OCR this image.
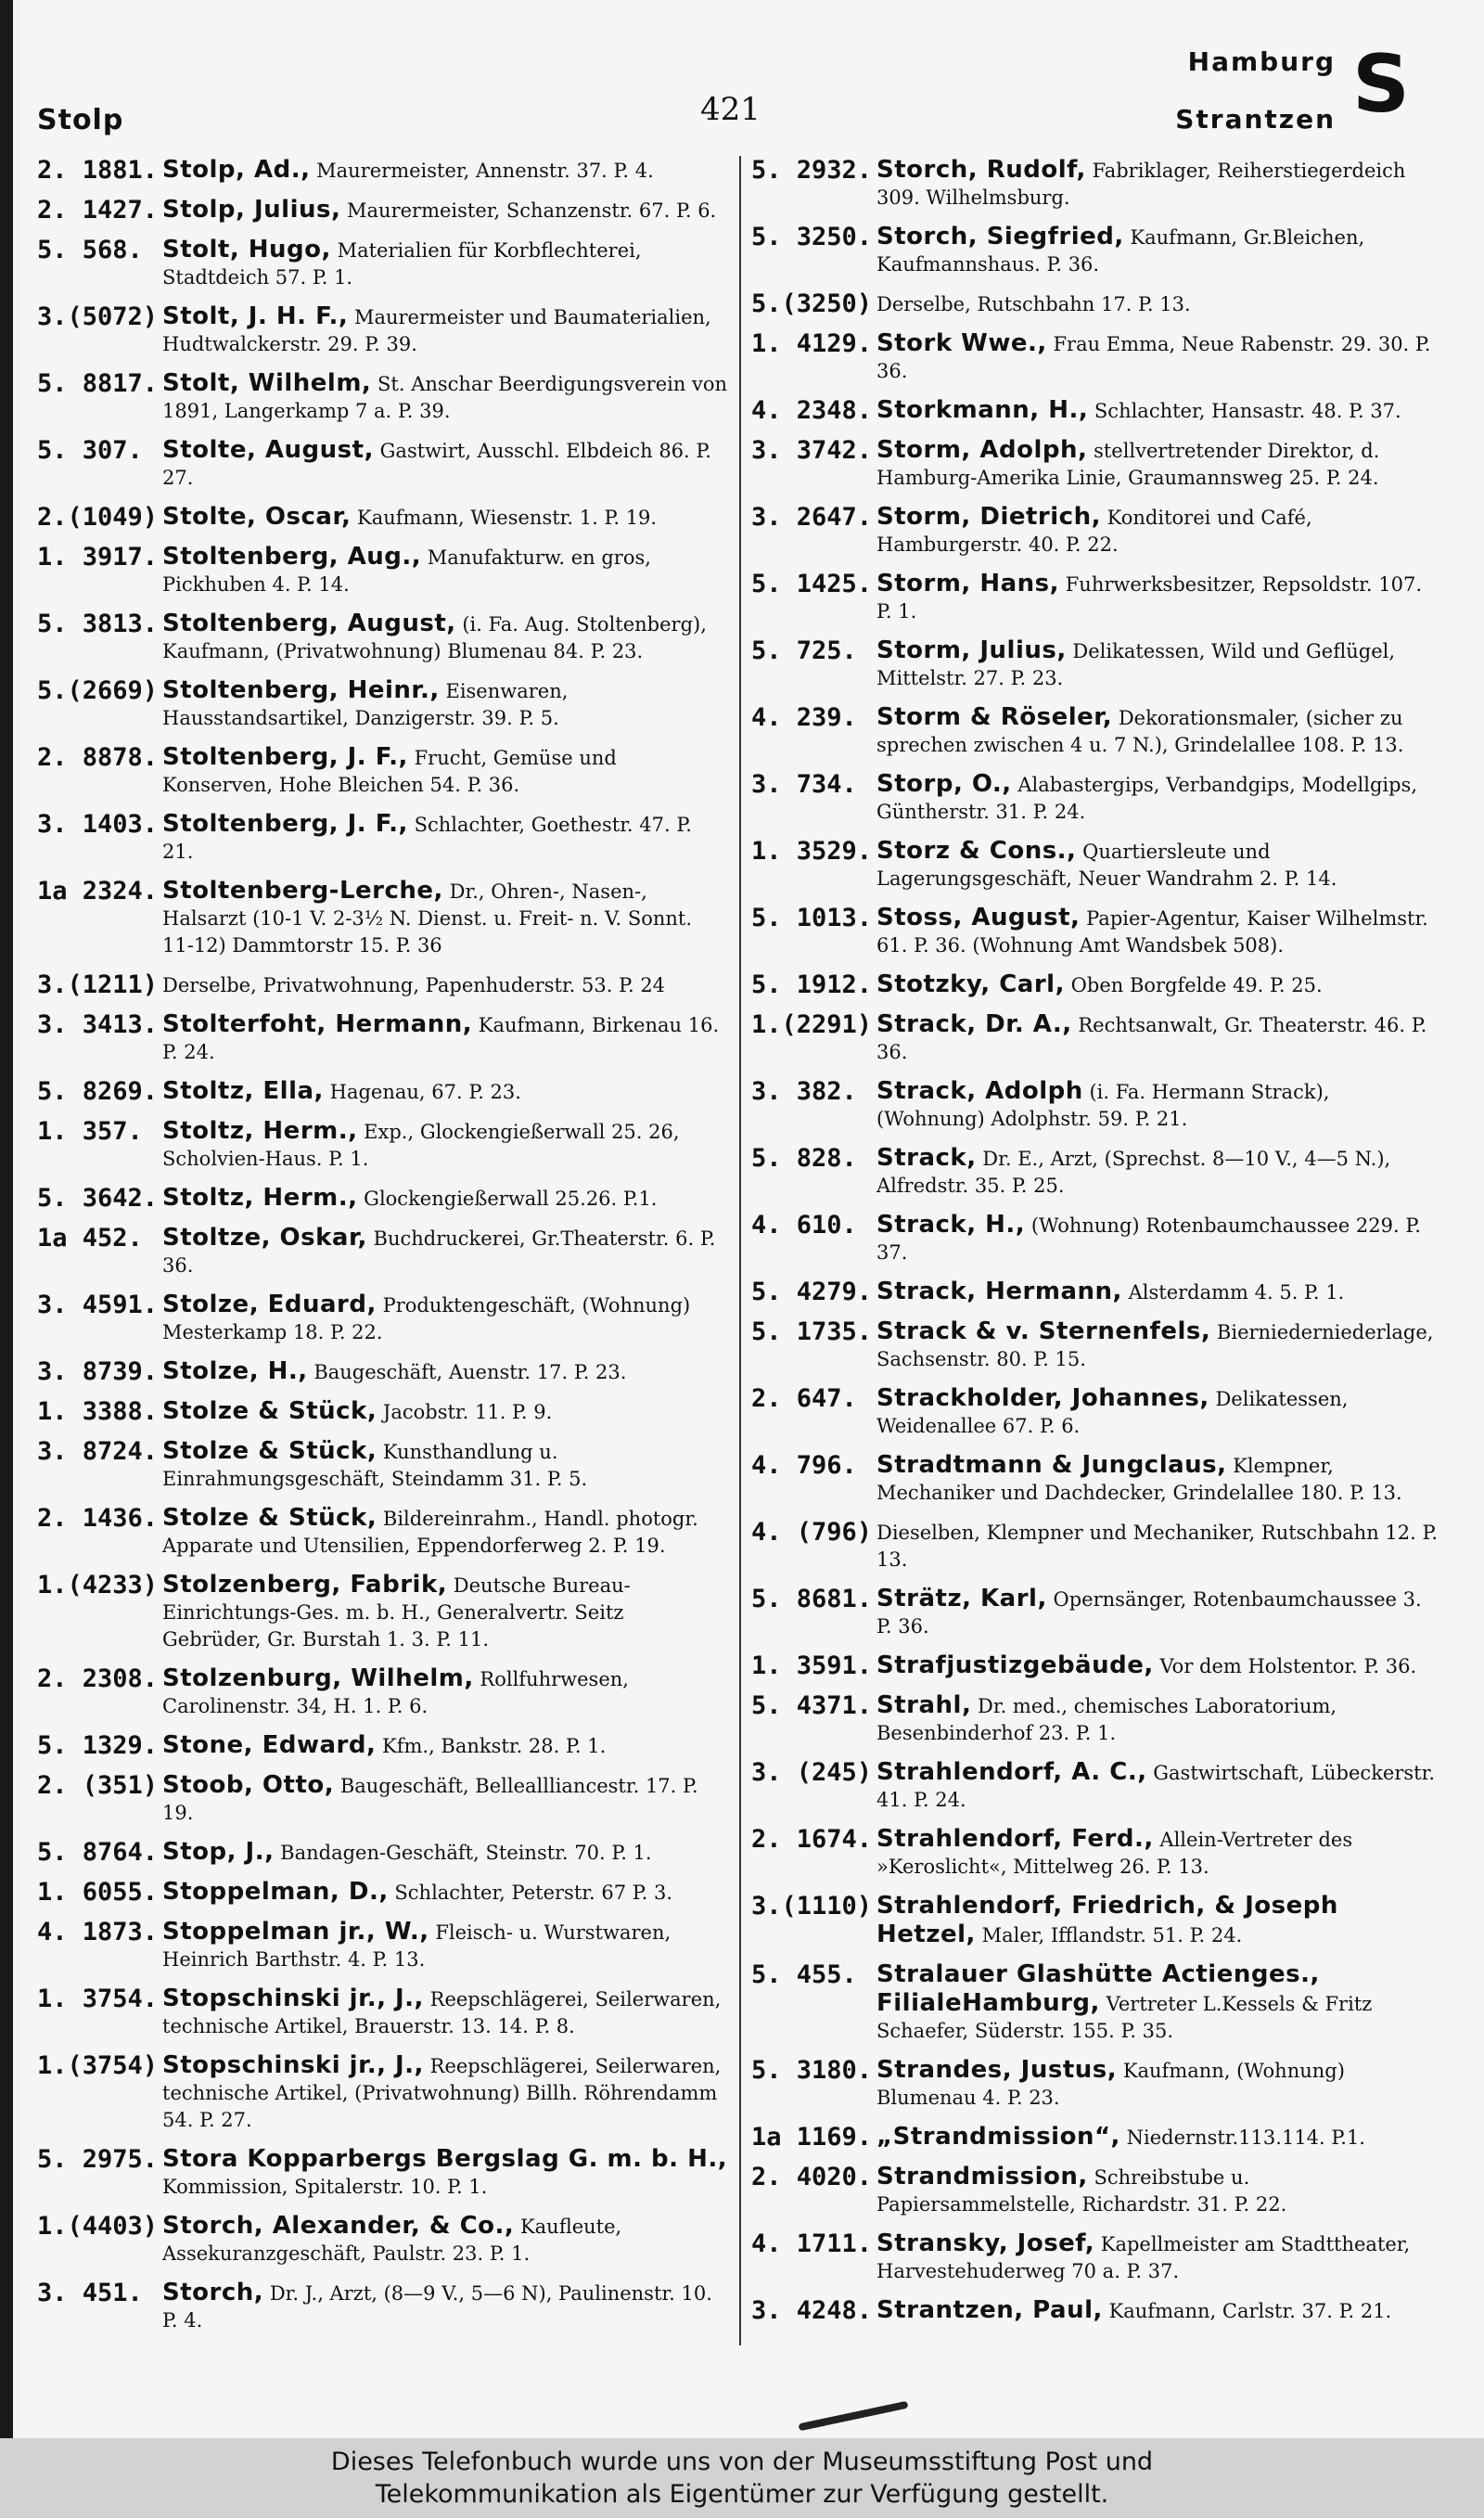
Stolp	421
Hamburg
Strantzen S
2. 1881. Stolp, Ad., Maurermeister, Annenstr. 37. P. 4.
2. 1427. Stolp, Julius, Maurermeister, Schanzenstr. 67. P. 6.
5. 568. Stolt, Hugo, Materialien für Korbflechterei, Stadtdeich 57. P. 1.
3.(5072) Stolt, J. H. F., Maurermeister und Baumaterialien, Hudtwalckerstr. 29. P. 39.
5. 8817. Stolt, Wilhelm, St. Anschar Beerdigungsverein von 1891, Langerkamp 7 a. P. 39.
5. 307. Stolte, August, Gastwirt, Ausschl. Elbdeich 86. P. 27.
2.(1049) Stolte, Oscar, Kaufmann, Wiesenstr. 1. P. 19.
1. 3917. Stoltenberg, Aug., Manufakturw. en gros, Pickhuben 4. P. 14.
5. 3813. Stoltenberg, August, (i. Fa. Aug. Stoltenberg), Kaufmann, (Privatwohnung) Blumenau 84. P. 23.
5.(2669) Stoltenberg, Heinr., Eisenwaren, Hausstandsartikel, Danzigerstr. 39. P. 5.
2. 8878. Stoltenberg, J. F., Frucht, Gemüse und Konserven, Hohe Bleichen 54. P. 36.
3. 1403. Stoltenberg, J. F., Schlachter, Goethestr. 47. P. 21.
1a 2324. Stoltenberg-Lerche, Dr., Ohren-, Nasen-, Halsarzt (10-1 V. 2-3½ N. Dienst. u. Freit- n. V. Sonnt. 11-12) Dammtorstr 15. P. 36
3.(1211) Derselbe, Privatwohnung, Papenhuderstr. 53. P. 24
3. 3413. Stolterfoht, Hermann, Kaufmann, Birkenau 16. P. 24.
5. 8269. Stoltz, Ella, Hagenau, 67. P. 23.
1. 357. Stoltz, Herm., Exp., Glockengießerwall 25. 26, Scholvien-Haus. P. 1.
5. 3642. Stoltz, Herm., Glockengießerwall 25.26. P.1.
1a 452. Stoltze, Oskar, Buchdruckerei, Gr.Theaterstr. 6. P. 36.
3. 4591. Stolze, Eduard, Produktengeschäft, (Wohnung) Mesterkamp 18. P. 22.
3. 8739. Stolze, H., Baugeschäft, Auenstr. 17. P. 23.
1. 3388. Stolze & Stück, Jacobstr. 11. P. 9.
3. 8724. Stolze & Stück, Kunsthandlung u. Einrahmungsgeschäft, Steindamm 31. P. 5.
2. 1436. Stolze & Stück, Bildereinrahm., Handl. photogr. Apparate und Utensilien, Eppendorferweg 2. P. 19.
1.(4233) Stolzenberg, Fabrik, Deutsche Bureau-Einrichtungs-Ges. m. b. H., Generalvertr. Seitz Gebrüder, Gr. Burstah 1. 3. P. 11.
2. 2308. Stolzenburg, Wilhelm, Rollfuhrwesen, Carolinenstr. 34, H. 1. P. 6.
5. 1329. Stone, Edward, Kfm., Bankstr. 28. P. 1.
2. (351) Stoob, Otto, Baugeschäft, Belleallliancestr. 17. P. 19.
5. 8764. Stop, J., Bandagen-Geschäft, Steinstr. 70. P. 1.
1. 6055. Stoppelman, D., Schlachter, Peterstr. 67 P. 3.
4. 1873. Stoppelman jr., W., Fleisch- u. Wurstwaren, Heinrich Barthstr. 4. P. 13.
1. 3754. Stopschinski jr., J., Reepschlägerei, Seilerwaren, technische Artikel, Brauerstr. 13. 14. P. 8.
1.(3754) Stopschinski jr., J., Reepschlägerei, Seilerwaren, technische Artikel, (Privatwohnung) Billh. Röhrendamm 54. P. 27.
5. 2975. Stora Kopparbergs Bergslag G. m. b. H., Kommission, Spitalerstr. 10. P. 1.
1.(4403) Storch, Alexander, & Co., Kaufleute, Assekuranzgeschäft, Paulstr. 23. P. 1.
3. 451. Storch, Dr. J., Arzt, (8—9 V., 5—6 N), Paulinenstr. 10. P. 4.
5. 2932. Storch, Rudolf, Fabriklager, Reiherstiegerdeich 309. Wilhelmsburg.
5. 3250. Storch, Siegfried, Kaufmann, Gr.Bleichen, Kaufmannshaus. P. 36.
5.(3250) Derselbe, Rutschbahn 17. P. 13.
1. 4129. Stork Wwe., Frau Emma, Neue Rabenstr. 29. 30. P. 36.
4. 2348. Storkmann, H., Schlachter, Hansastr. 48. P. 37.
3. 3742. Storm, Adolph, stellvertretender Direktor, d. Hamburg-Amerika Linie, Graumannsweg 25. P. 24.
3. 2647. Storm, Dietrich, Konditorei und Café, Hamburgerstr. 40. P. 22.
5. 1425. Storm, Hans, Fuhrwerksbesitzer, Repsoldstr. 107. P. 1.
5. 725. Storm, Julius, Delikatessen, Wild und Geflügel, Mittelstr. 27. P. 23.
4. 239. Storm & Röseler, Dekorationsmaler, (sicher zu sprechen zwischen 4 u. 7 N.), Grindelallee 108. P. 13.
3. 734. Storp, O., Alabastergips, Verbandgips, Modellgips, Güntherstr. 31. P. 24.
1. 3529. Storz & Cons., Quartiersleute und Lagerungsgeschäft, Neuer Wandrahm 2. P. 14.
5. 1013. Stoss, August, Papier-Agentur, Kaiser Wilhelmstr. 61. P. 36. (Wohnung Amt Wandsbek 508).
5. 1912. Stotzky, Carl, Oben Borgfelde 49. P. 25.
1.(2291) Strack, Dr. A., Rechtsanwalt, Gr. Theaterstr. 46. P. 36.
3. 382. Strack, Adolph (i. Fa. Hermann Strack), (Wohnung) Adolphstr. 59. P. 21.
5. 828. Strack, Dr. E., Arzt, (Sprechst. 8—10 V., 4—5 N.), Alfredstr. 35. P. 25.
4. 610. Strack, H., (Wohnung) Rotenbaumchaussee 229. P. 37.
5. 4279. Strack, Hermann, Alsterdamm 4. 5. P. 1.
5. 1735. Strack & v. Sternenfels, Bierniederniederlage, Sachsenstr. 80. P. 15.
2. 647. Strackholder, Johannes, Delikatessen, Weidenallee 67. P. 6.
4. 796. Stradtmann & Jungclaus, Klempner, Mechaniker und Dachdecker, Grindelallee 180. P. 13.
4. (796) Dieselben, Klempner und Mechaniker, Rutschbahn 12. P. 13.
5. 8681. Strätz, Karl, Opernsänger, Rotenbaumchaussee 3. P. 36.
1. 3591. Strafjustizgebäude, Vor dem Holstentor. P. 36.
5. 4371. Strahl, Dr. med., chemisches Laboratorium, Besenbinderhof 23. P. 1.
3. (245) Strahlendorf, A. C., Gastwirtschaft, Lübeckerstr. 41. P. 24.
2. 1674. Strahlendorf, Ferd., Allein-Vertreter des »Keroslicht«, Mittelweg 26. P. 13.
3.(1110) Strahlendorf, Friedrich, & Joseph Hetzel, Maler, Ifflandstr. 51. P. 24.
5. 455. Stralauer Glashütte Actienges., FilialeHamburg, Vertreter L.Kessels & Fritz Schaefer, Süderstr. 155. P. 35.
5. 3180. Strandes, Justus, Kaufmann, (Wohnung) Blumenau 4. P. 23.
1a 1169. „Strandmission“, Niedernstr.113.114. P.1.
2. 4020. Strandmission, Schreibstube u. Papiersammelstelle, Richardstr. 31. P. 22.
4. 1711. Stransky, Josef, Kapellmeister am Stadttheater, Harvestehuderweg 70 a. P. 37.
3. 4248. Strantzen, Paul, Kaufmann, Carlstr. 37. P. 21.
Dieses Telefonbuch wurde uns von der Museumsstiftung Post und
Telekommunikation als Eigentümer zur Verfügung gestellt.
